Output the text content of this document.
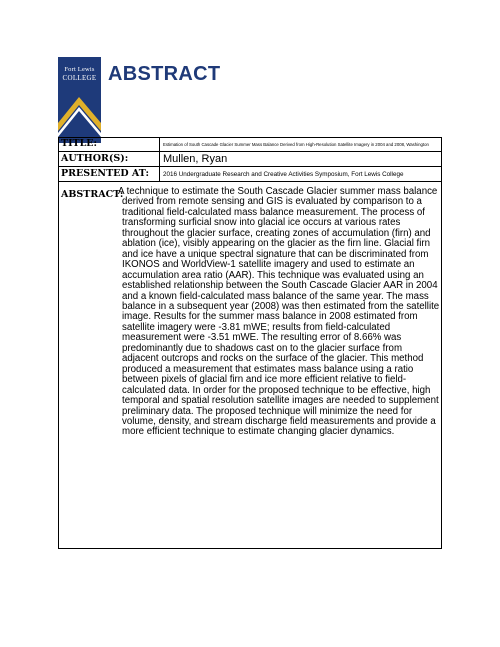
Fort Lewis
COLLEGE ABSTRACT
TITLE:	Estimation of South Cascade Glacier Summer Mass Balance Derived from High-Resolution Satellite Imagery in 2004 and 2008, Washington
AUTHOR(S):	Mullen, Ryan
PRESENTED AT:	2016 Undergraduate Research and Creative Activities Symposium, Fort Lewis College
ABSTRACT:

A technique to estimate the South Cascade Glacier summer mass balance derived from remote sensing and GIS is evaluated by comparison to a traditional field-calculated mass balance measurement. The process of transforming surficial snow into glacial ice occurs at various rates throughout the glacier surface, creating zones of accumulation (firn) and ablation (ice), visibly appearing on the glacier as the firn line. Glacial firn and ice have a unique spectral signature that can be discriminated from IKONOS and WorldView-1 satellite imagery and used to estimate an accumulation area ratio (AAR). This technique was evaluated using an established relationship between the South Cascade Glacier AAR in 2004 and a known field-calculated mass balance of the same year. The mass balance in a subsequent year (2008) was then estimated from the satellite image. Results for the summer mass balance in 2008 estimated from satellite imagery were -3.81 mWE; results from field-calculated measurement were -3.51 mWE. The resulting error of 8.66% was predominantly due to shadows cast on to the glacier surface from adjacent outcrops and rocks on the surface of the glacier. This method produced a measurement that estimates mass balance using a ratio between pixels of glacial firn and ice more efficient relative to field-calculated data. In order for the proposed technique to be effective, high temporal and spatial resolution satellite images are needed to supplement preliminary data. The proposed technique will minimize the need for volume, density, and stream discharge field measurements and provide a more efficient technique to estimate changing glacier dynamics.
